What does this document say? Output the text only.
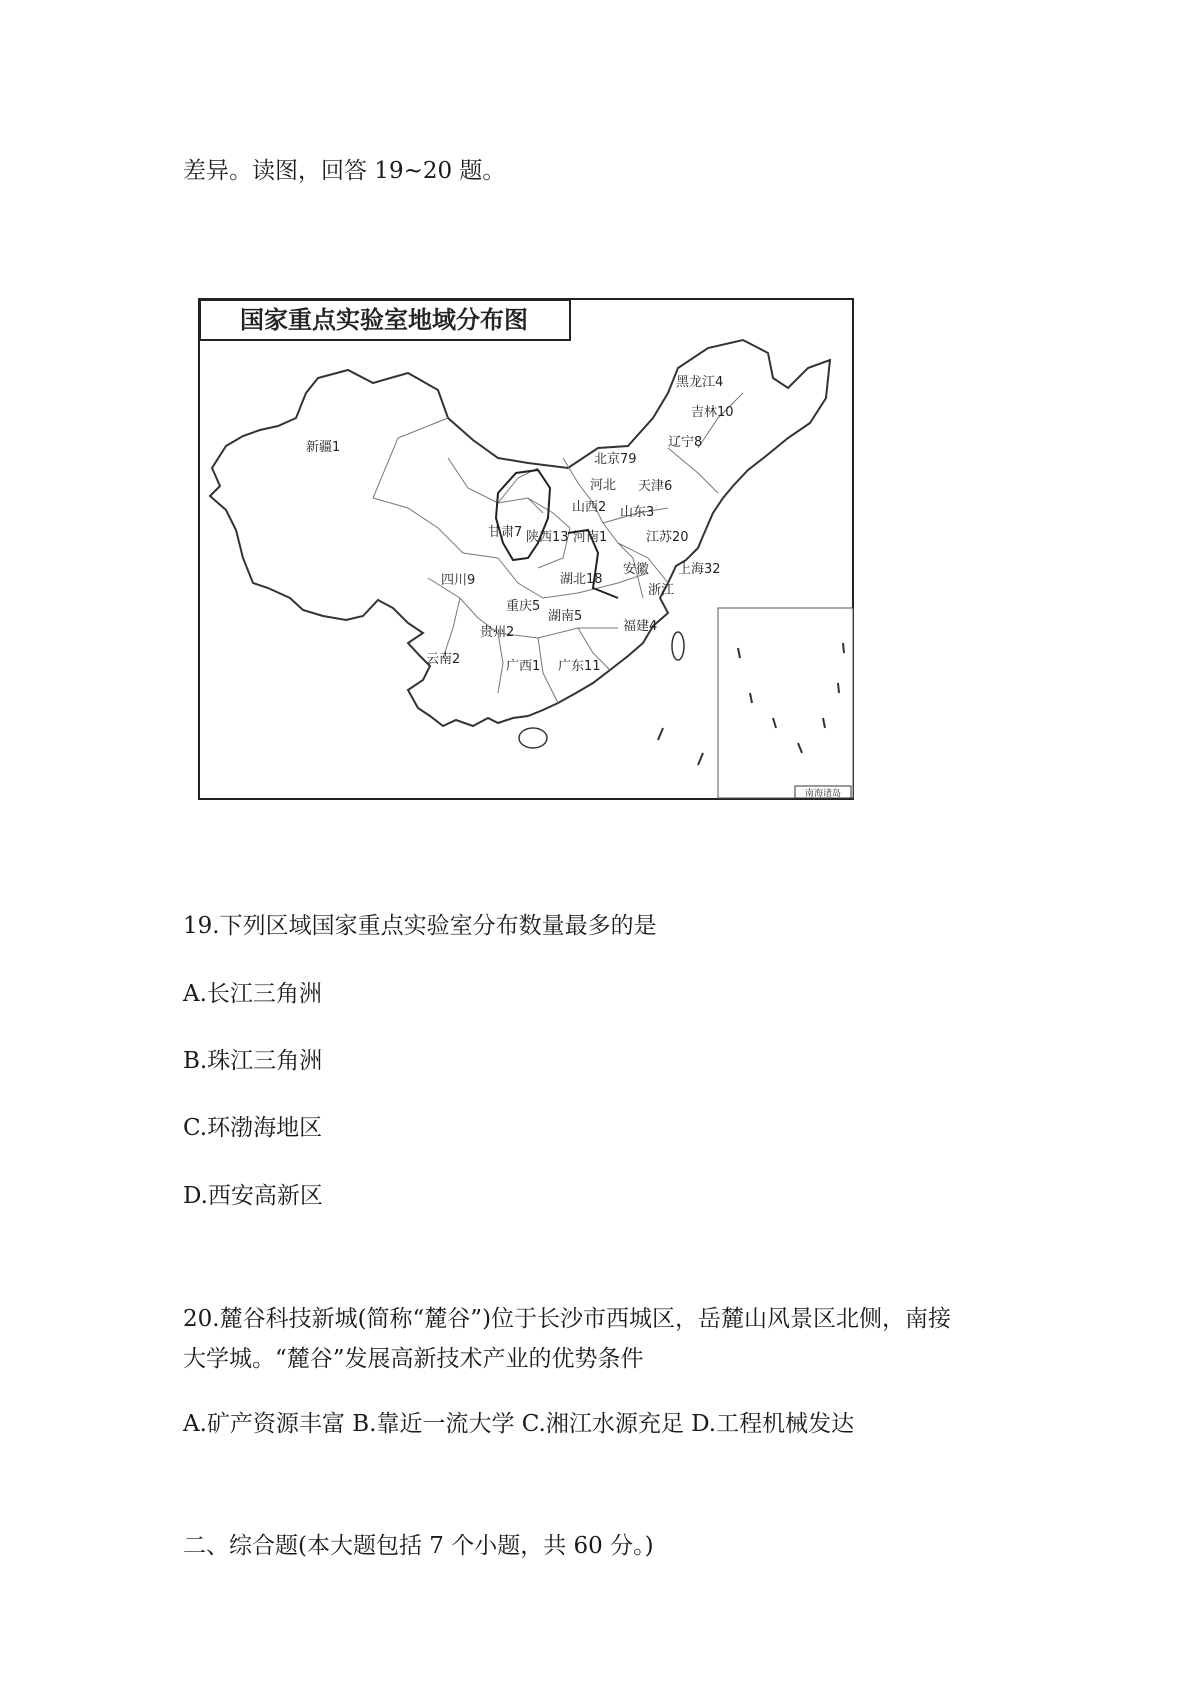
差异。读图，回答 19~20 题。
国家重点实验室地域分布图
南海诸岛
黑龙江4
吉林10
辽宁8
新疆1
北京79
天津6
河北
山西2 山东3
甘肃7 陕西13 河南1	江苏20
上海32
安徽
四川9	湖北18
浙江
重庆5
湖南5
贵州2	福建4
云南2	广西1 广东11
19.下列区域国家重点实验室分布数量最多的是
A.长江三角洲
B.珠江三角洲
C.环渤海地区
D.西安高新区
20.麓谷科技新城(简称“麓谷”)位于长沙市西城区，岳麓山风景区北侧，南接
大学城。“麓谷”发展高新技术产业的优势条件
A.矿产资源丰富 B.靠近一流大学 C.湘江水源充足 D.工程机械发达
二、综合题(本大题包括 7 个小题，共 60 分。)
